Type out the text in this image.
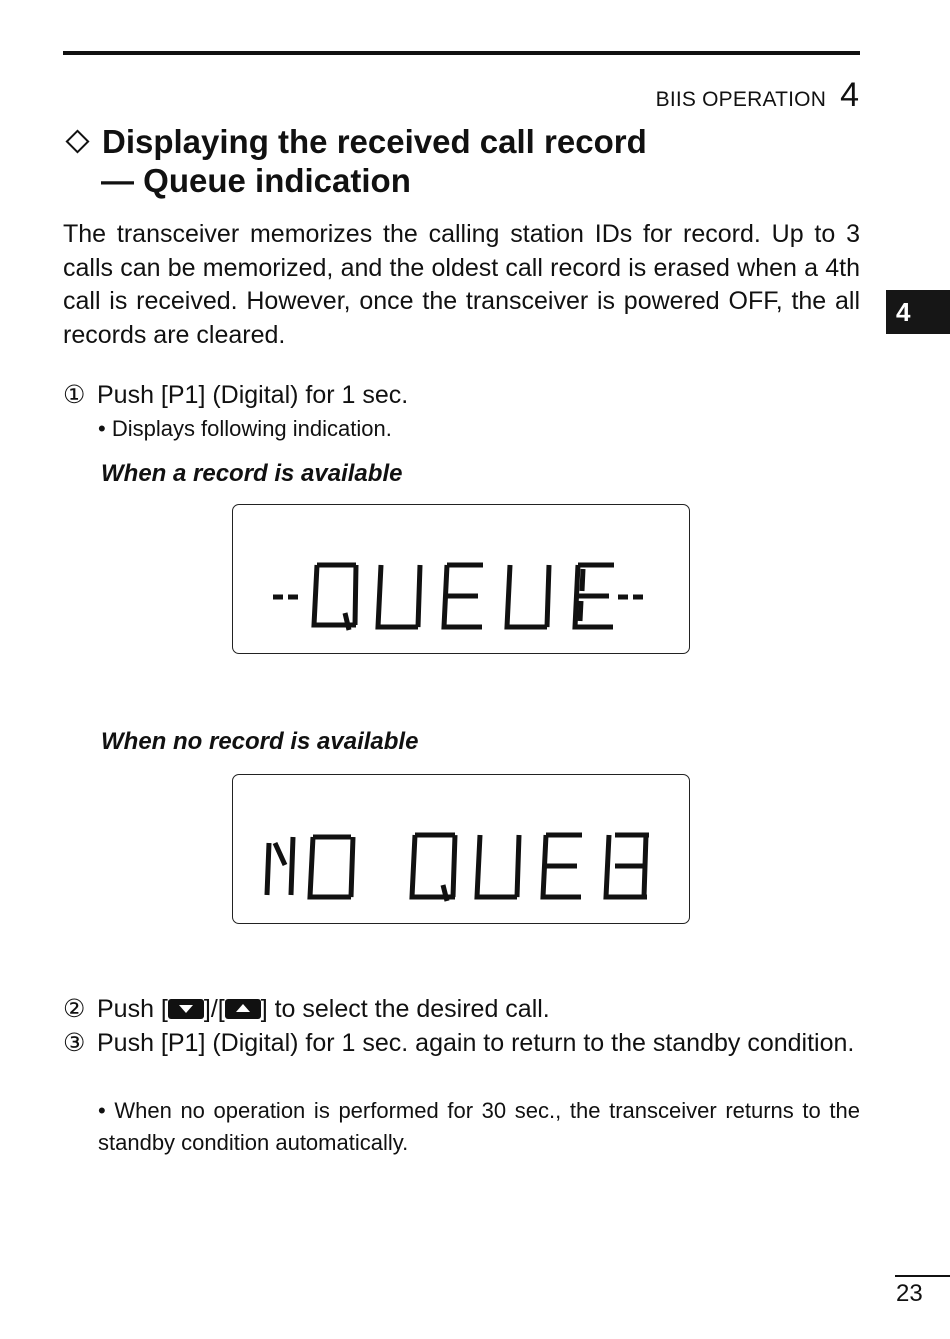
BIIS OPERATION 4
4
Displaying the received call record
— Queue indication

The transceiver memorizes the calling station IDs for record. Up to 3 calls can be memorized, and the oldest call record is erased when a 4th call is received. However, once the transceiver is powered OFF, the all records are cleared.

① Push [P1] (Digital) for 1 sec.
• Displays following indication.
When a record is available
When no record is available
② Push [ ]/[ ] to select the desired call.
③ Push [P1] (Digital) for 1 sec. again to return to the standby condition.
• When no operation is performed for 30 sec., the transceiver returns to the standby condition automatically.
23
